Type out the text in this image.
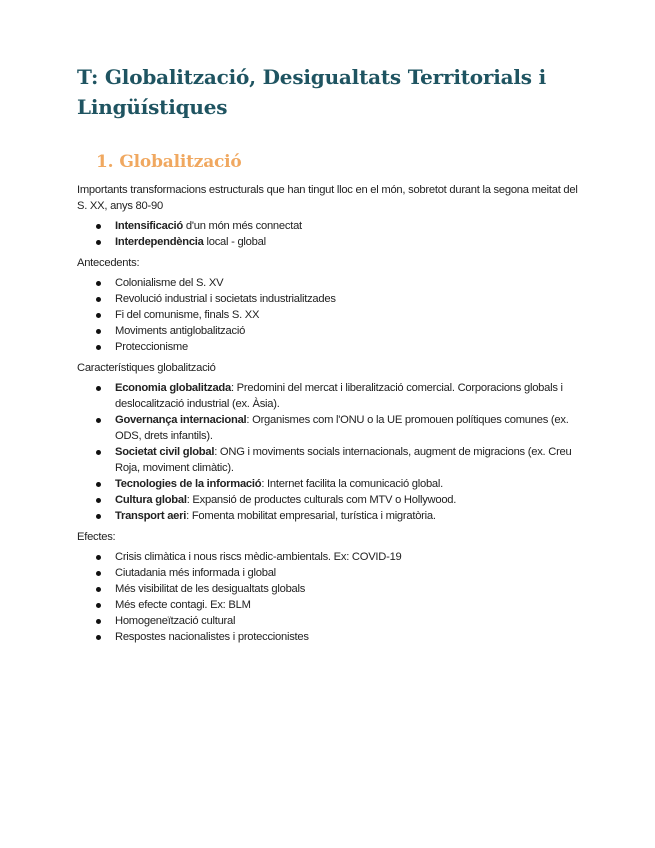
T: Globalització, Desigualtats Territorials i Lingüístiques
1. Globalització

Importants transformacions estructurals que han tingut lloc en el món, sobretot durant la segona meitat del S. XX, anys 80-90

Intensificació d'un món més connectat
Interdependència local - global

Antecedents:

Colonialisme del S. XV
Revolució industrial i societats industrialitzades
Fi del comunisme, finals S. XX
Moviments antiglobalització
Proteccionisme

Característiques globalització

Economia globalitzada: Predomini del mercat i liberalització comercial. Corporacions globals i deslocalització industrial (ex. Àsia).
Governança internacional: Organismes com l'ONU o la UE promouen polítiques comunes (ex. ODS, drets infantils).
Societat civil global: ONG i moviments socials internacionals, augment de migracions (ex. Creu Roja, moviment climàtic).
Tecnologies de la informació: Internet facilita la comunicació global.
Cultura global: Expansió de productes culturals com MTV o Hollywood.
Transport aeri: Fomenta mobilitat empresarial, turística i migratòria.

Efectes:

Crisis climàtica i nous riscs mèdic-ambientals. Ex: COVID-19
Ciutadania més informada i global
Més visibilitat de les desigualtats globals
Més efecte contagi. Ex: BLM
Homogeneïtzació cultural
Respostes nacionalistes i proteccionistes
